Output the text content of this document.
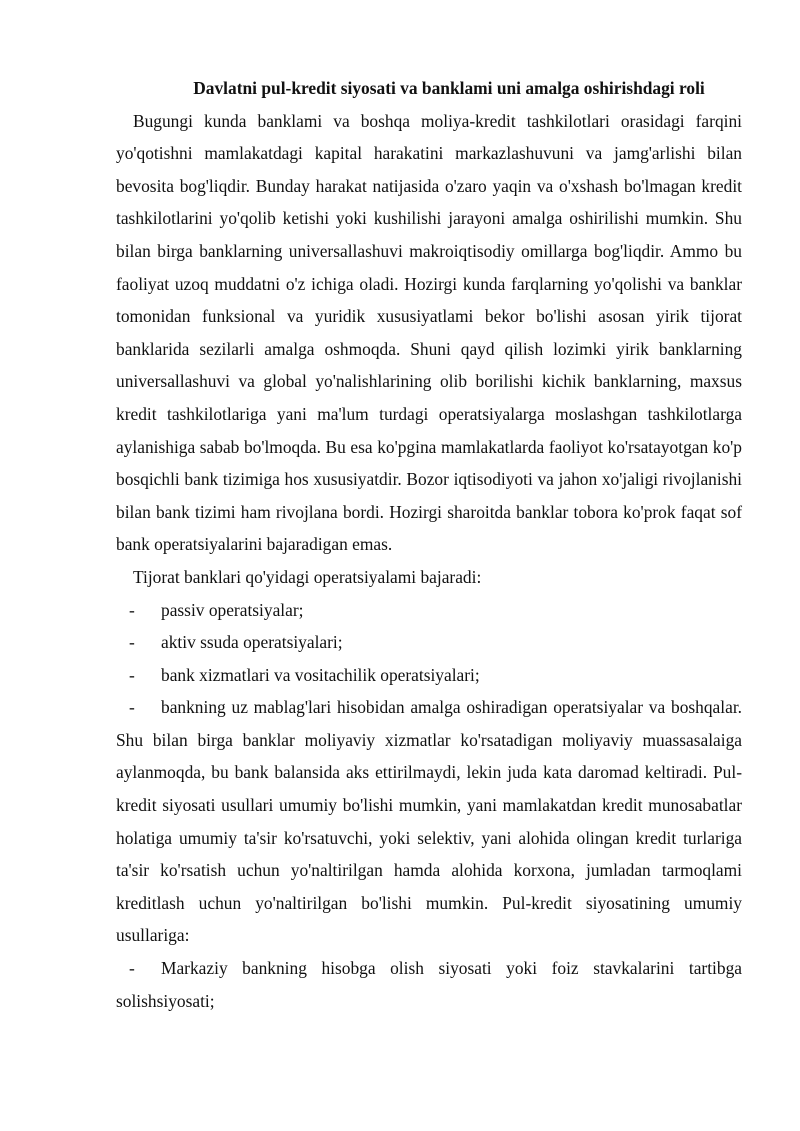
Davlatni pul-kredit siyosati va banklami uni amalga oshirishdagi roli

Bugungi kunda banklami va boshqa moliya-kredit tashkilotlari orasidagi farqini yo'qotishni mamlakatdagi kapital harakatini markazlashuvuni va jamg'arlishi bilan bevosita bog'liqdir. Bunday harakat natijasida o'zaro yaqin va o'xshash bo'lmagan kredit tashkilotlarini yo'qolib ketishi yoki kushilishi jarayoni amalga oshirilishi mumkin. Shu bilan birga banklarning universallashuvi makroiqtisodiy omillarga bog'liqdir. Ammo bu faoliyat uzoq muddatni o'z ichiga oladi. Hozirgi kunda farqlarning yo'qolishi va banklar tomonidan funksional va yuridik xususiyatlami bekor bo'lishi asosan yirik tijorat banklarida sezilarli amalga oshmoqda. Shuni qayd qilish lozimki yirik banklarning universallashuvi va global yo'nalishlarining olib borilishi kichik banklarning, maxsus kredit tashkilotlariga yani ma'lum turdagi operatsiyalarga moslashgan tashkilotlarga aylanishiga sabab bo'lmoqda. Bu esa ko'pgina mamlakatlarda faoliyot ko'rsatayotgan ko'p bosqichli bank tizimiga hos xususiyatdir. Bozor iqtisodiyoti va jahon xo'jaligi rivojlanishi bilan bank tizimi ham rivojlana bordi. Hozirgi sharoitda banklar tobora ko'prok faqat sof bank operatsiyalarini bajaradigan emas.

Tijorat banklari qo'yidagi operatsiyalami bajaradi:

- passiv operatsiyalar;

- aktiv ssuda operatsiyalari;

- bank xizmatlari va vositachilik operatsiyalari;

- bankning uz mablag'lari hisobidan amalga oshiradigan operatsiyalar va boshqalar. Shu bilan birga banklar moliyaviy xizmatlar ko'rsatadigan moliyaviy muassasalaiga aylanmoqda, bu bank balansida aks ettirilmaydi, lekin juda kata daromad keltiradi. Pul-kredit siyosati usullari umumiy bo'lishi mumkin, yani mamlakatdan kredit munosabatlar holatiga umumiy ta'sir ko'rsatuvchi, yoki selektiv, yani alohida olingan kredit turlariga ta'sir ko'rsatish uchun yo'naltirilgan hamda alohida korxona, jumladan tarmoqlami kreditlash uchun yo'naltirilgan bo'lishi mumkin. Pul-kredit siyosatining umumiy usullariga:

- Markaziy bankning hisobga olish siyosati yoki foiz stavkalarini tartibga solishsiyosati;
